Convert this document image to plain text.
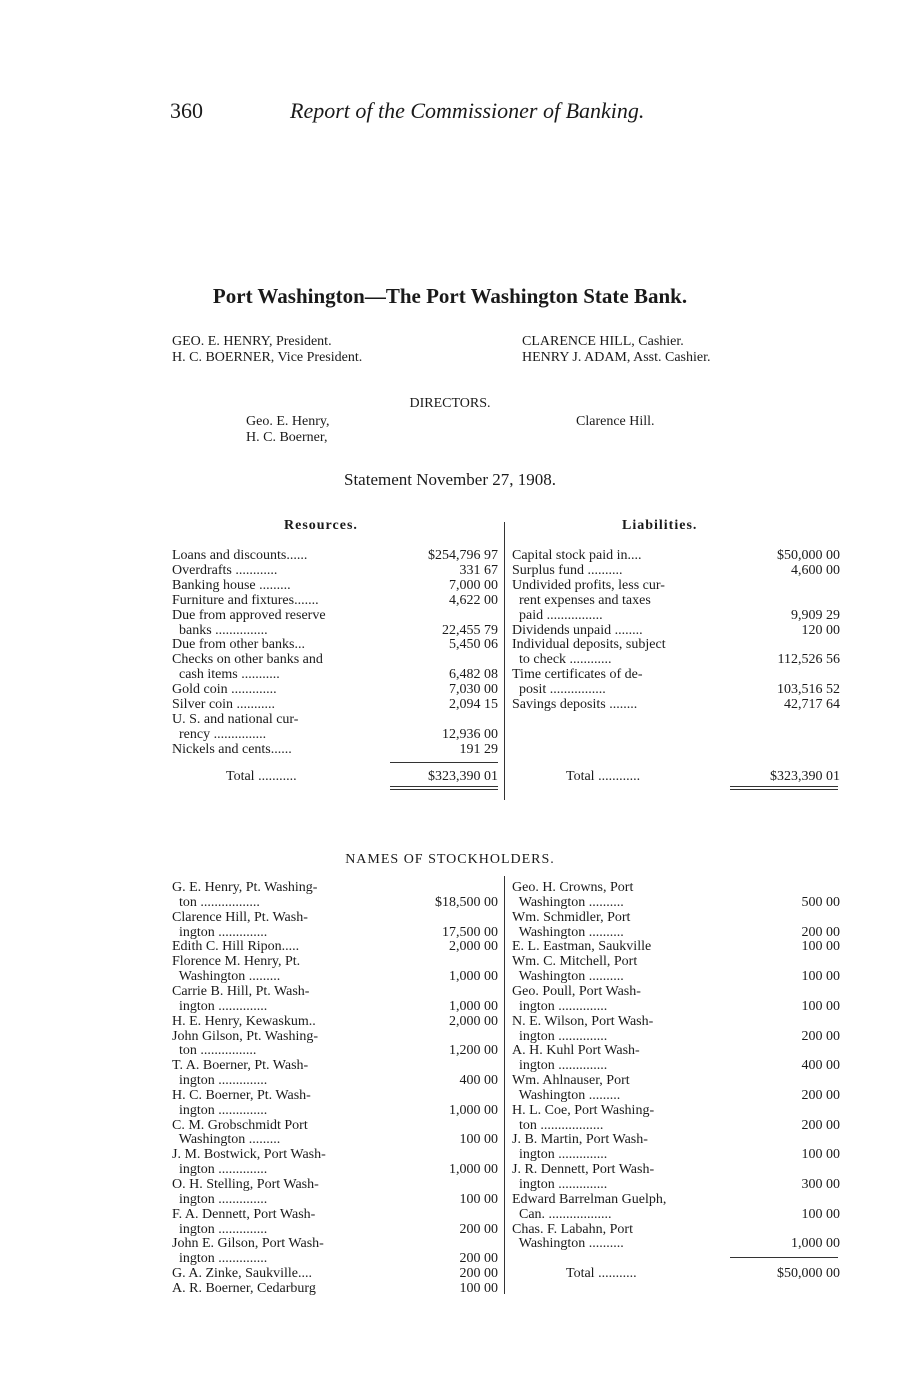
360	Report of the Commissioner of Banking.
Port Washington—The Port Washington State Bank.
GEO. E. HENRY, President.
H. C. BOERNER, Vice President.
CLARENCE HILL, Cashier.
HENRY J. ADAM, Asst. Cashier.
DIRECTORS.
Geo. E. Henry,
H. C. Boerner,
Clarence Hill.
Statement November 27, 1908.
Resources.	Liabilities.
Loans and discounts......	$254,796 97
Overdrafts ............	331 67
Banking house .........	7,000 00
Furniture and fixtures.......	4,622 00
Due from approved reserve
banks ...............	22,455 79
Due from other banks...	5,450 06
Checks on other banks and
cash items ...........	6,482 08
Gold coin .............	7,030 00
Silver coin ...........	2,094 15
U. S. and national cur-
rency ...............	12,936 00
Nickels and cents......	191 29
Capital stock paid in....	$50,000 00
Surplus fund ..........	4,600 00
Undivided profits, less cur-
rent expenses and taxes
paid ................	9,909 29
Dividends unpaid ........	120 00
Individual deposits, subject
to check ............	112,526 56
Time certificates of de-
posit ................	103,516 52
Savings deposits ........	42,717 64
Total ...........	$323,390 01	Total ............	$323,390 01
NAMES OF STOCKHOLDERS.
G. E. Henry, Pt. Washing-
ton .................	$18,500 00
Clarence Hill, Pt. Wash-
ington ..............	17,500 00
Edith C. Hill Ripon.....	2,000 00
Florence M. Henry, Pt.
Washington .........	1,000 00
Carrie B. Hill, Pt. Wash-
ington ..............	1,000 00
H. E. Henry, Kewaskum..	2,000 00
John Gilson, Pt. Washing-
ton ................	1,200 00
T. A. Boerner, Pt. Wash-
ington ..............	400 00
H. C. Boerner, Pt. Wash-
ington ..............	1,000 00
C. M. Grobschmidt Port
Washington .........	100 00
J. M. Bostwick, Port Wash-
ington ..............	1,000 00
O. H. Stelling, Port Wash-
ington ..............	100 00
F. A. Dennett, Port Wash-
ington ..............	200 00
John E. Gilson, Port Wash-
ington ..............	200 00
G. A. Zinke, Saukville....	200 00
A. R. Boerner, Cedarburg	100 00
Geo. H. Crowns, Port
Washington ..........	500 00
Wm. Schmidler, Port
Washington ..........	200 00
E. L. Eastman, Saukville	100 00
Wm. C. Mitchell, Port
Washington ..........	100 00
Geo. Poull, Port Wash-
ington ..............	100 00
N. E. Wilson, Port Wash-
ington ..............	200 00
A. H. Kuhl Port Wash-
ington ..............	400 00
Wm. Ahlnauser, Port
Washington .........	200 00
H. L. Coe, Port Washing-
ton ..................	200 00
J. B. Martin, Port Wash-
ington ..............	100 00
J. R. Dennett, Port Wash-
ington ..............	300 00
Edward Barrelman Guelph,
Can. ..................	100 00
Chas. F. Labahn, Port
Washington ..........	1,000 00
Total ...........	$50,000 00
